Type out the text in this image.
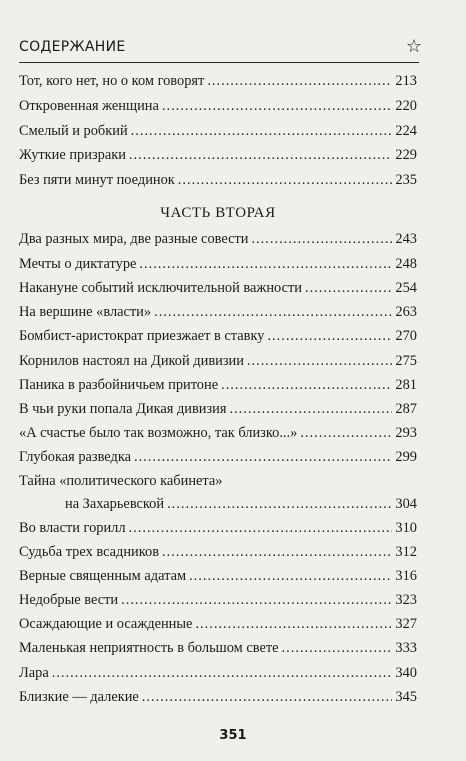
СОДЕРЖАНИЕ	☆
Тот, кого нет, но о ком говорят .....	213
Откровенная женщина .....	220
Смелый и робкий .....	224
Жуткие призраки .....	229
Без пяти минут поединок .....	235
ЧАСТЬ ВТОРАЯ
Два разных мира, две разные совести .....	243
Мечты о диктатуре .....	248
Накануне событий исключительной важности .....	254
На вершине «власти» .....	263
Бомбист-аристократ приезжает в ставку .....	270
Корнилов настоял на Дикой дивизии .....	275
Паника в разбойничьем притоне .....	281
В чьи руки попала Дикая дивизия .....	287
«А счастье было так возможно, так близко...» .....	293
Глубокая разведка .....	299
Тайна «политического кабинета»
на Захарьевской .....	304
Во власти горилл .....	310
Судьба трех всадников .....	312
Верные священным адатам .....	316
Недобрые вести .....	323
Осаждающие и осажденные .....	327
Маленькая неприятность в большом свете .....	333
Лара .....	340
Близкие — далекие .....	345
351
